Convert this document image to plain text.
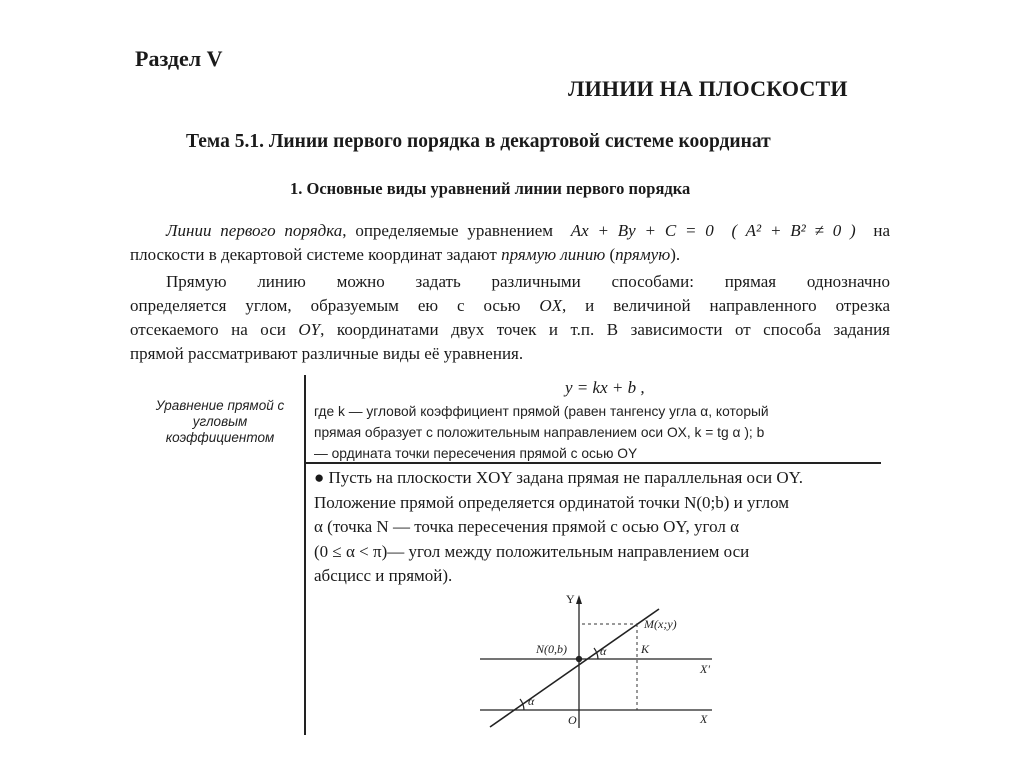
Раздел V
ЛИНИИ НА ПЛОСКОСТИ
Тема 5.1. Линии первого порядка в декартовой системе координат
1. Основные виды уравнений линии первого порядка
Линии первого порядка, определяемые уравнением Ax + By + C = 0 ( A² + B² ≠ 0 ) на
плоскости в декартовой системе координат задают прямую линию (прямую).
Прямую линию можно задать различными способами: прямая однозначно
определяется углом, образуемым ею с осью OX, и величиной направленного отрезка
отсекаемого на оси OY, координатами двух точек и т.п. В зависимости от способа задания
прямой рассматривают различные виды её уравнения.
Уравнение прямой с угловым коэффициентом
y = kx + b ,
где k — угловой коэффициент прямой (равен тангенсу угла α, который
прямая образует с положительным направлением оси OX, k = tg α ); b
— ордината точки пересечения прямой с осью OY
● Пусть на плоскости XOY задана прямая не параллельная оси OY.
Положение прямой определяется ординатой точки N(0;b) и углом
α (точка N — точка пересечения прямой с осью OY, угол α
(0 ≤ α < π)— угол между положительным направлением оси
абсцисс и прямой).
Y
M(x;y)
N(0,b)	α	K
X'
α
O	X
